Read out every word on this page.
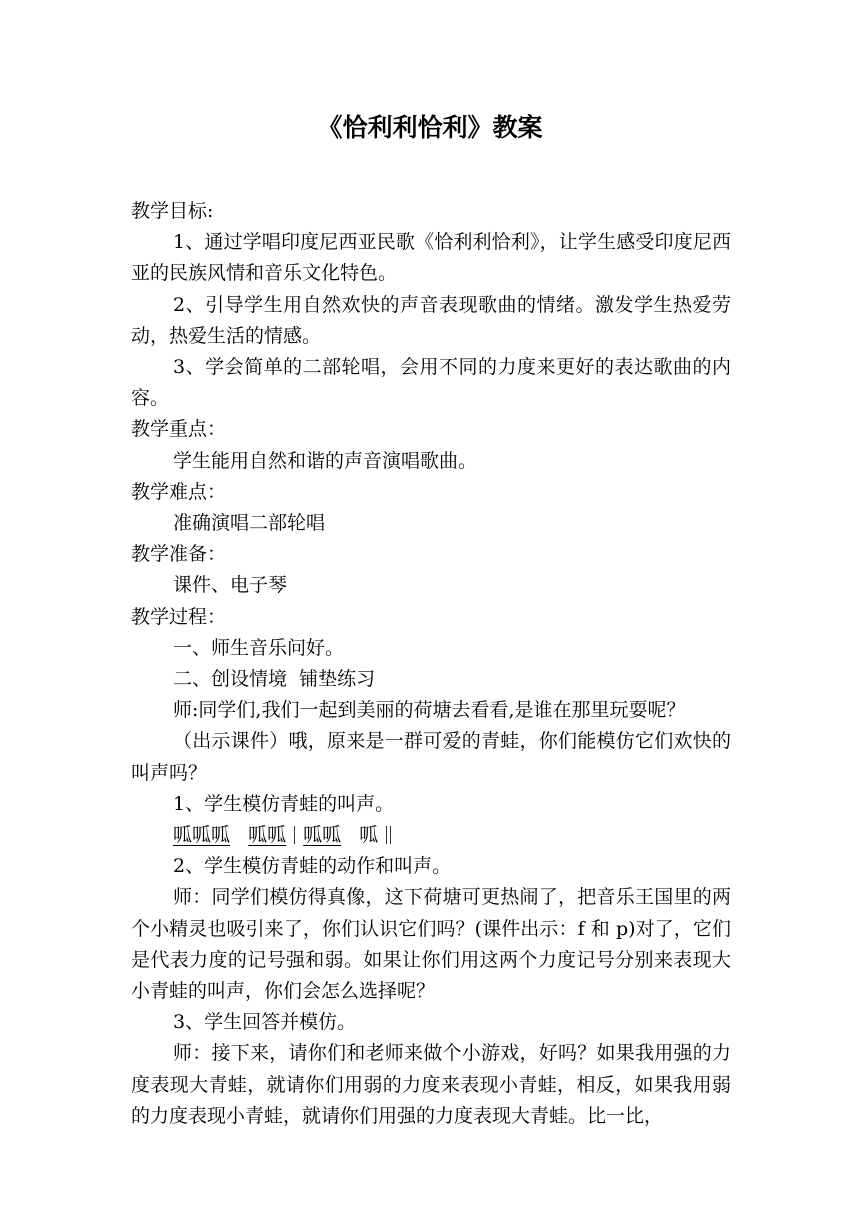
《恰利利恰利》教案

教学目标:

1、通过学唱印度尼西亚民歌《恰利利恰利》，让学生感受印度尼西亚的民族风情和音乐文化特色。

2、引导学生用自然欢快的声音表现歌曲的情绪。激发学生热爱劳动，热爱生活的情感。

3、学会简单的二部轮唱，会用不同的力度来更好的表达歌曲的内容。

教学重点：

学生能用自然和谐的声音演唱歌曲。

教学难点：

准确演唱二部轮唱

教学准备：

课件、电子琴

教学过程：

一、师生音乐问好。

二、创设情境  铺垫练习

师:同学们,我们一起到美丽的荷塘去看看,是谁在那里玩耍呢？

（出示课件）哦，原来是一群可爱的青蛙，你们能模仿它们欢快的叫声吗？

1、学生模仿青蛙的叫声。

呱呱呱 呱呱 呱呱 呱

2、学生模仿青蛙的动作和叫声。

师：同学们模仿得真像，这下荷塘可更热闹了，把音乐王国里的两个小精灵也吸引来了，你们认识它们吗？(课件出示：f 和 p)对了，它们是代表力度的记号强和弱。如果让你们用这两个力度记号分别来表现大小青蛙的叫声，你们会怎么选择呢？

3、学生回答并模仿。

师：接下来，请你们和老师来做个小游戏，好吗？如果我用强的力度表现大青蛙，就请你们用弱的力度来表现小青蛙，相反，如果我用弱的力度表现小青蛙，就请你们用强的力度表现大青蛙。比一比，
